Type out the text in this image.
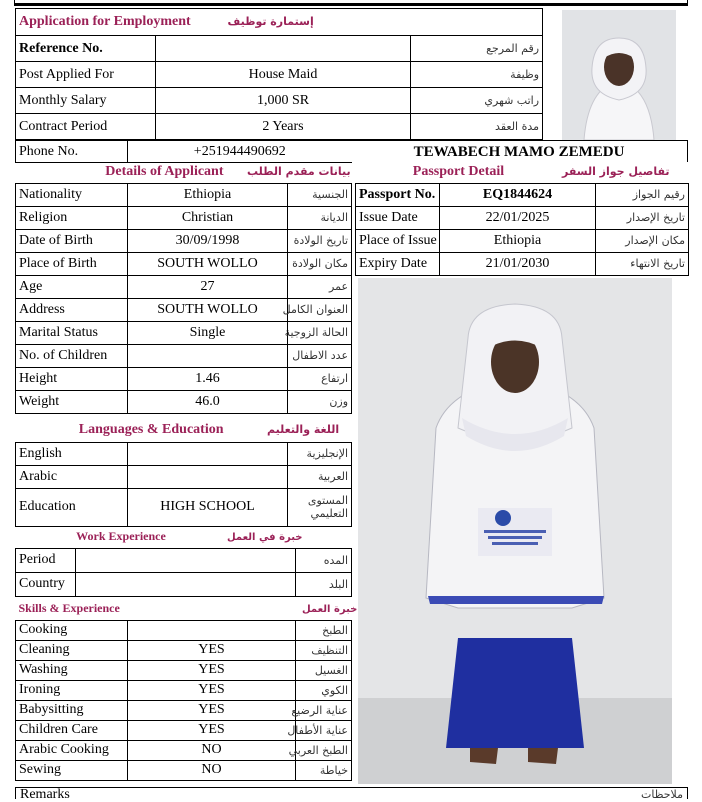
Application for Employment إستمارة توظيف		
Reference No.		رقم المرجع
Post Applied For	House Maid	وظيفة
Monthly Salary	1,000 SR	راتب شهري
Contract Period	2 Years	مدة العقد
Phone No.	+251944490692	TEWABECH MAMO ZEMEDU
Details of Applicant بيانات مقدم الطلب		
Nationality	Ethiopia	الجنسية
Religion	Christian	الديانة
Date of Birth	30/09/1998	تاريخ الولادة
Place of Birth	SOUTH WOLLO	مكان الولادة
Age	27	عمر
Address	SOUTH WOLLO	العنوان الكامل
Marital Status	Single	الحالة الزوجية
No. of Children		عدد الاطفال
Height	1.46	ارتفاع
Weight	46.0	وزن
Passport Detail تفاصيل جواز السفر		
Passport No.	EQ1844624	رقيم الجواز
Issue Date	22/01/2025	تاريخ الإصدار
Place of Issue	Ethiopia	مكان الإصدار
Expiry Date	21/01/2030	تاريخ الانتهاء
Languages & Education اللغة والتعليم		
English		الإنجليزية
Arabic		العربية
Education	HIGH SCHOOL	المستوى التعليمي
Work Experience خبرة في العمل		
Period		المده
Country		البلد
Skills & Experience خبرة العمل		
Cooking		الطبخ
Cleaning	YES	التنظيف
Washing	YES	الغسيل
Ironing	YES	الكوي
Babysitting	YES	عناية الرضيع
Children Care	YES	عناية الأطفال
Arabic Cooking	NO	الطبخ العربي
Sewing	NO	خياطة
Remarks	ملاحظات
